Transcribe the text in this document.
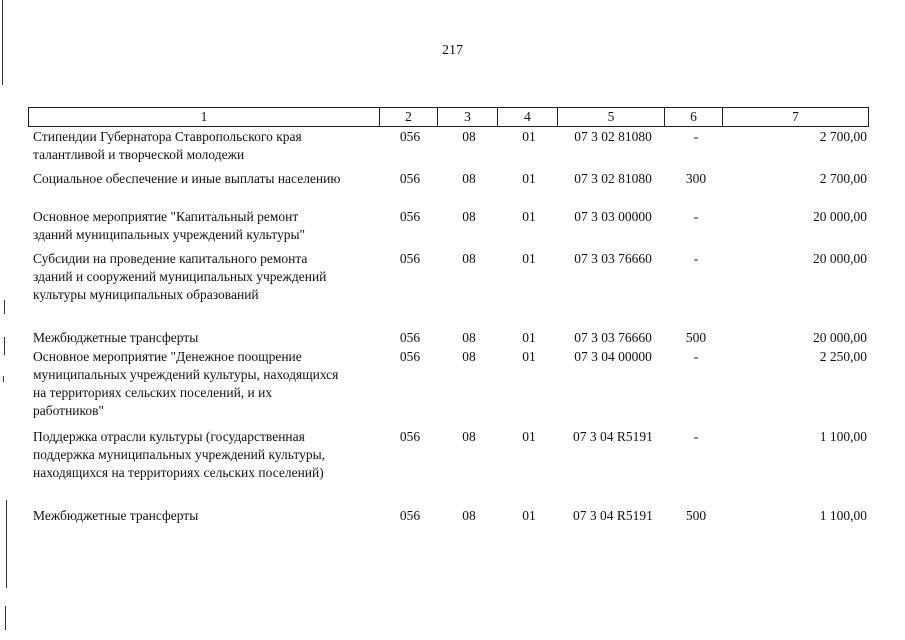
217
1	2	3	4	5	6	7
Стипендии Губернатора Ставропольского края
талантливой и творческой молодежи
056	08	01	07 3 02 81080	-	2 700,00
Социальное обеспечение и иные выплаты населению	056	08	01	07 3 02 81080	300	2 700,00
Основное мероприятие "Капитальный ремонт
зданий муниципальных учреждений культуры"
056	08	01	07 3 03 00000	-	20 000,00
Субсидии на проведение капитального ремонта
зданий и сооружений муниципальных учреждений
культуры муниципальных образований
056	08	01	07 3 03 76660	-	20 000,00
Межбюджетные трансферты	056	08	01	07 3 03 76660	500	20 000,00
Основное мероприятие "Денежное поощрение
муниципальных учреждений культуры, находящихся
на территориях сельских поселений, и их
работников"
056	08	01	07 3 04 00000	-	2 250,00
Поддержка отрасли культуры (государственная
поддержка муниципальных учреждений культуры,
находящихся на территориях сельских поселений)
056	08	01	07 3 04 R5191	-	1 100,00
Межбюджетные трансферты	056	08	01	07 3 04 R5191	500	1 100,00
